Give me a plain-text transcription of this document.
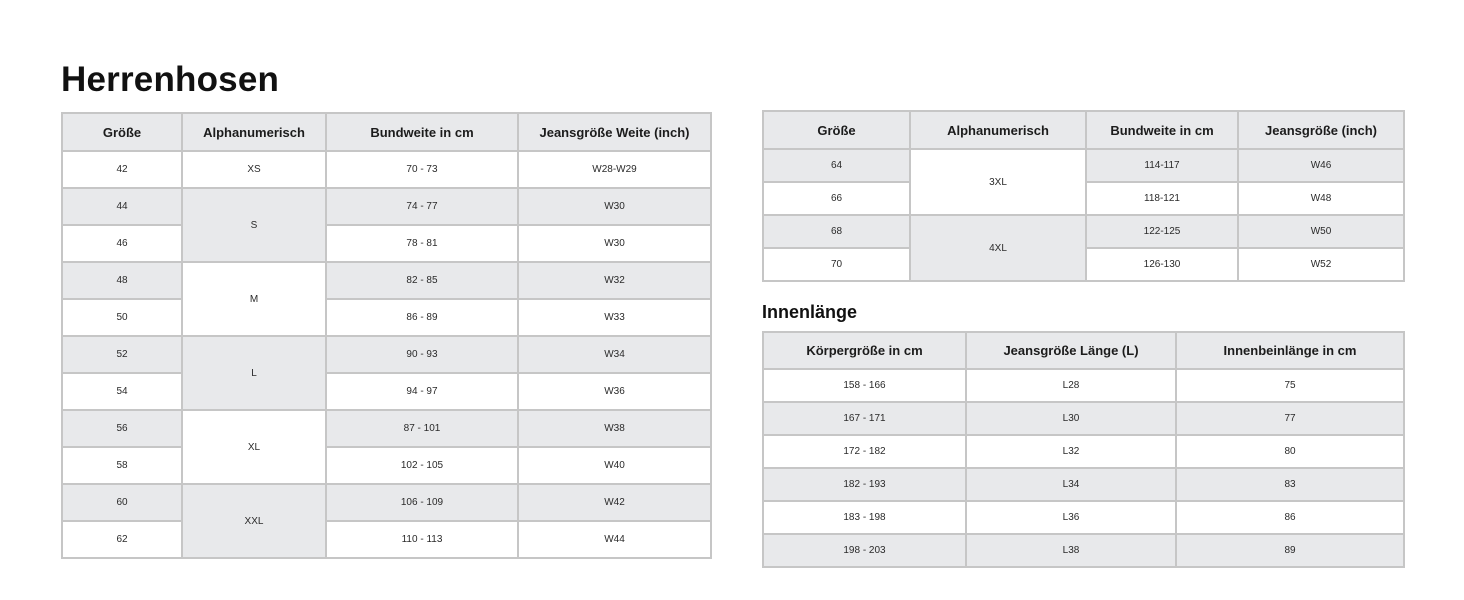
Herrenhosen
Größe	Alphanumerisch	Bundweite in cm	Jeansgröße Weite (inch)
42	XS	70 - 73	W28-W29
44	S	74 - 77	W30
46		78 - 81	W30
48	M	82 - 85	W32
50		86 - 89	W33
52	L	90 - 93	W34
54		94 - 97	W36
56	XL	87 - 101	W38
58		102 - 105	W40
60	XXL	106 - 109	W42
62		110 - 113	W44
Größe	Alphanumerisch	Bundweite in cm	Jeansgröße (inch)
64	3XL	114-117	W46
66		118-121	W48
68	4XL	122-125	W50
70		126-130	W52
Innenlänge
Körpergröße in cm	Jeansgröße Länge (L)	Innenbeinlänge in cm
158 - 166	L28	75
167 - 171	L30	77
172 - 182	L32	80
182 - 193	L34	83
183 - 198	L36	86
198 - 203	L38	89
